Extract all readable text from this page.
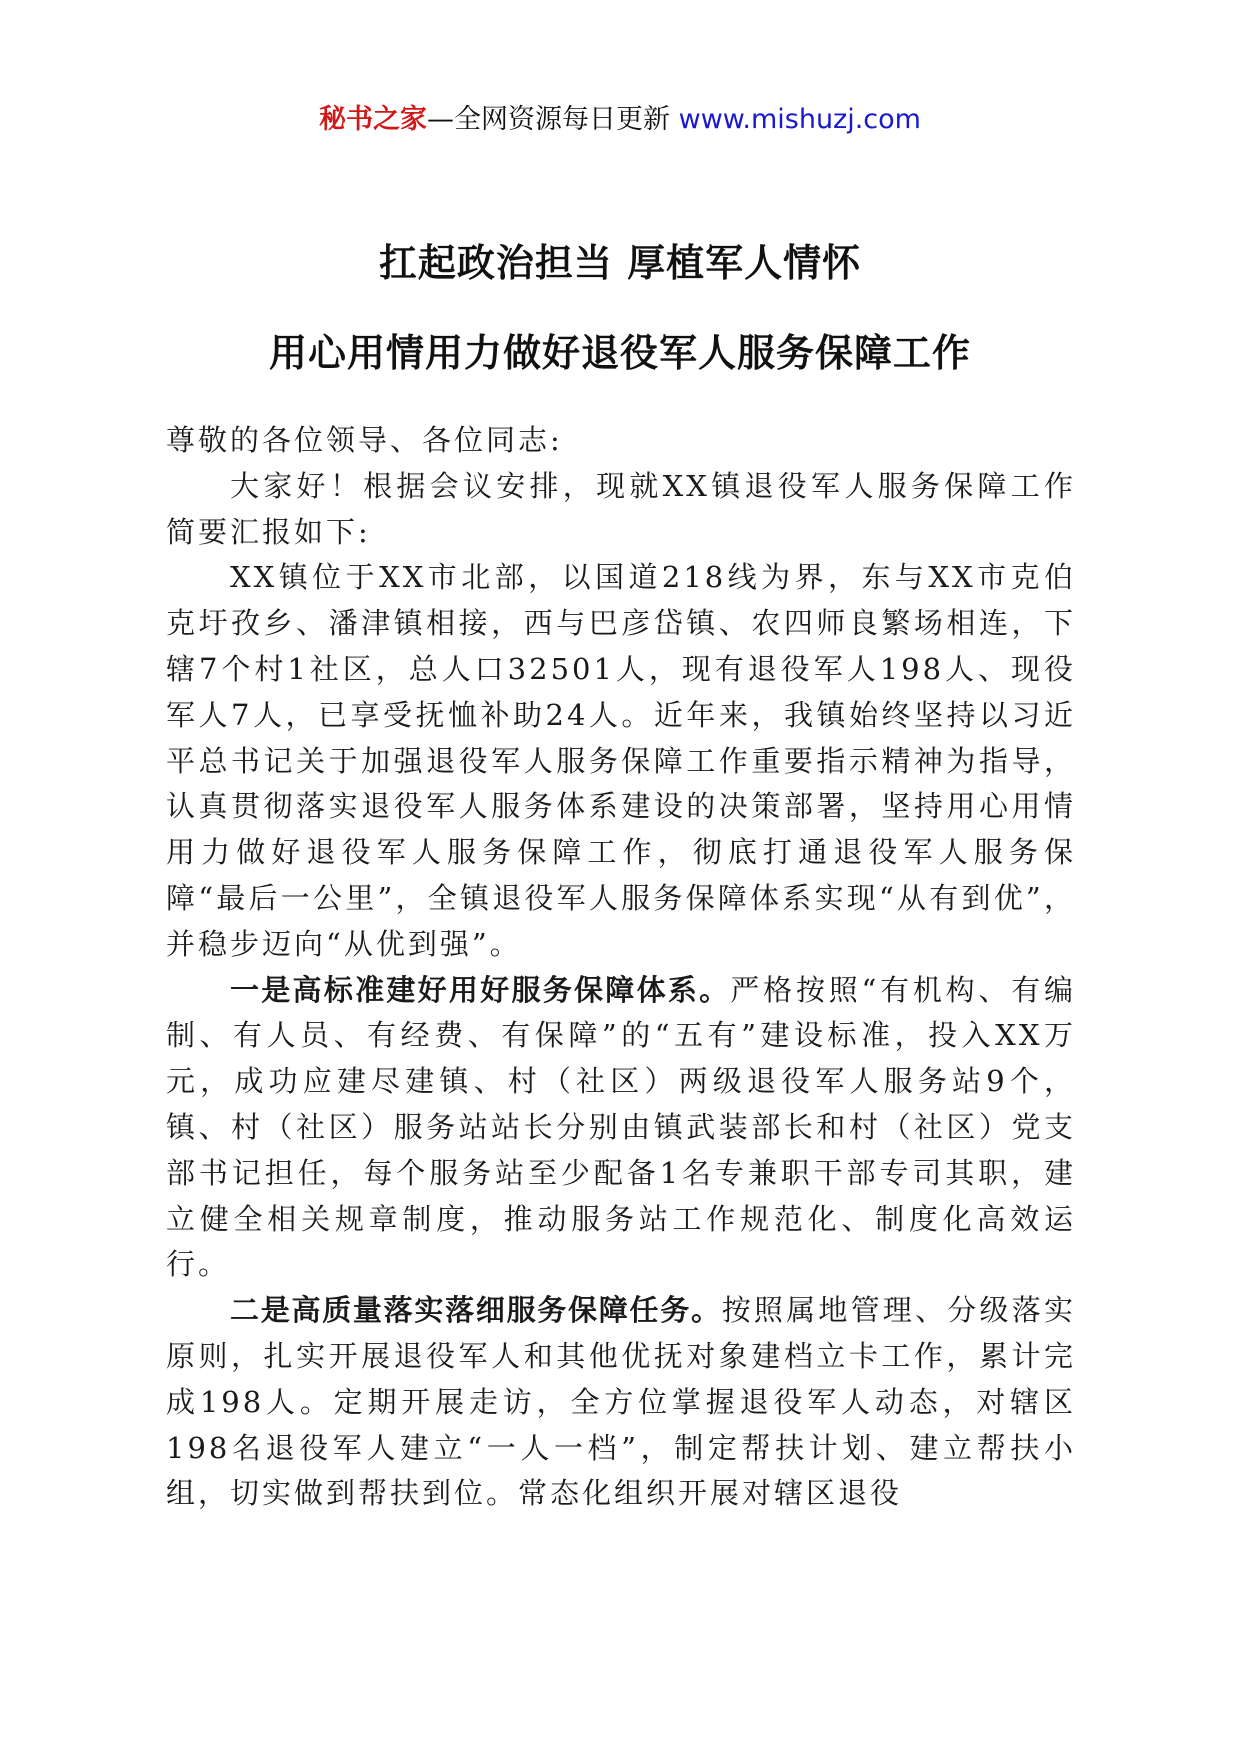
秘书之家—全网资源每日更新 www.mishuzj.com
扛起政治担当 厚植军人情怀
用心用情用力做好退役军人服务保障工作

尊敬的各位领导、各位同志:

大家好！根据会议安排，现就XX镇退役军人服务保障工作简要汇报如下:

XX镇位于XX市北部，以国道218线为界，东与XX市克伯克圩孜乡、潘津镇相接，西与巴彦岱镇、农四师良繁场相连，下辖7个村1社区，总人口32501人，现有退役军人198人、现役军人7人，已享受抚恤补助24人。近年来，我镇始终坚持以习近平总书记关于加强退役军人服务保障工作重要指示精神为指导，认真贯彻落实退役军人服务体系建设的决策部署，坚持用心用情用力做好退役军人服务保障工作，彻底打通退役军人服务保障“最后一公里”，全镇退役军人服务保障体系实现“从有到优”，并稳步迈向“从优到强”。

一是高标准建好用好服务保障体系。严格按照“有机构、有编制、有人员、有经费、有保障”的“五有”建设标准，投入XX万元，成功应建尽建镇、村（社区）两级退役军人服务站9个，镇、村（社区）服务站站长分别由镇武装部长和村（社区）党支部书记担任，每个服务站至少配备1名专兼职干部专司其职，建立健全相关规章制度，推动服务站工作规范化、制度化高效运行。

二是高质量落实落细服务保障任务。按照属地管理、分级落实原则，扎实开展退役军人和其他优抚对象建档立卡工作，累计完成198人。定期开展走访，全方位掌握退役军人动态，对辖区198名退役军人建立“一人一档”，制定帮扶计划、建立帮扶小组，切实做到帮扶到位。常态化组织开展对辖区退役
